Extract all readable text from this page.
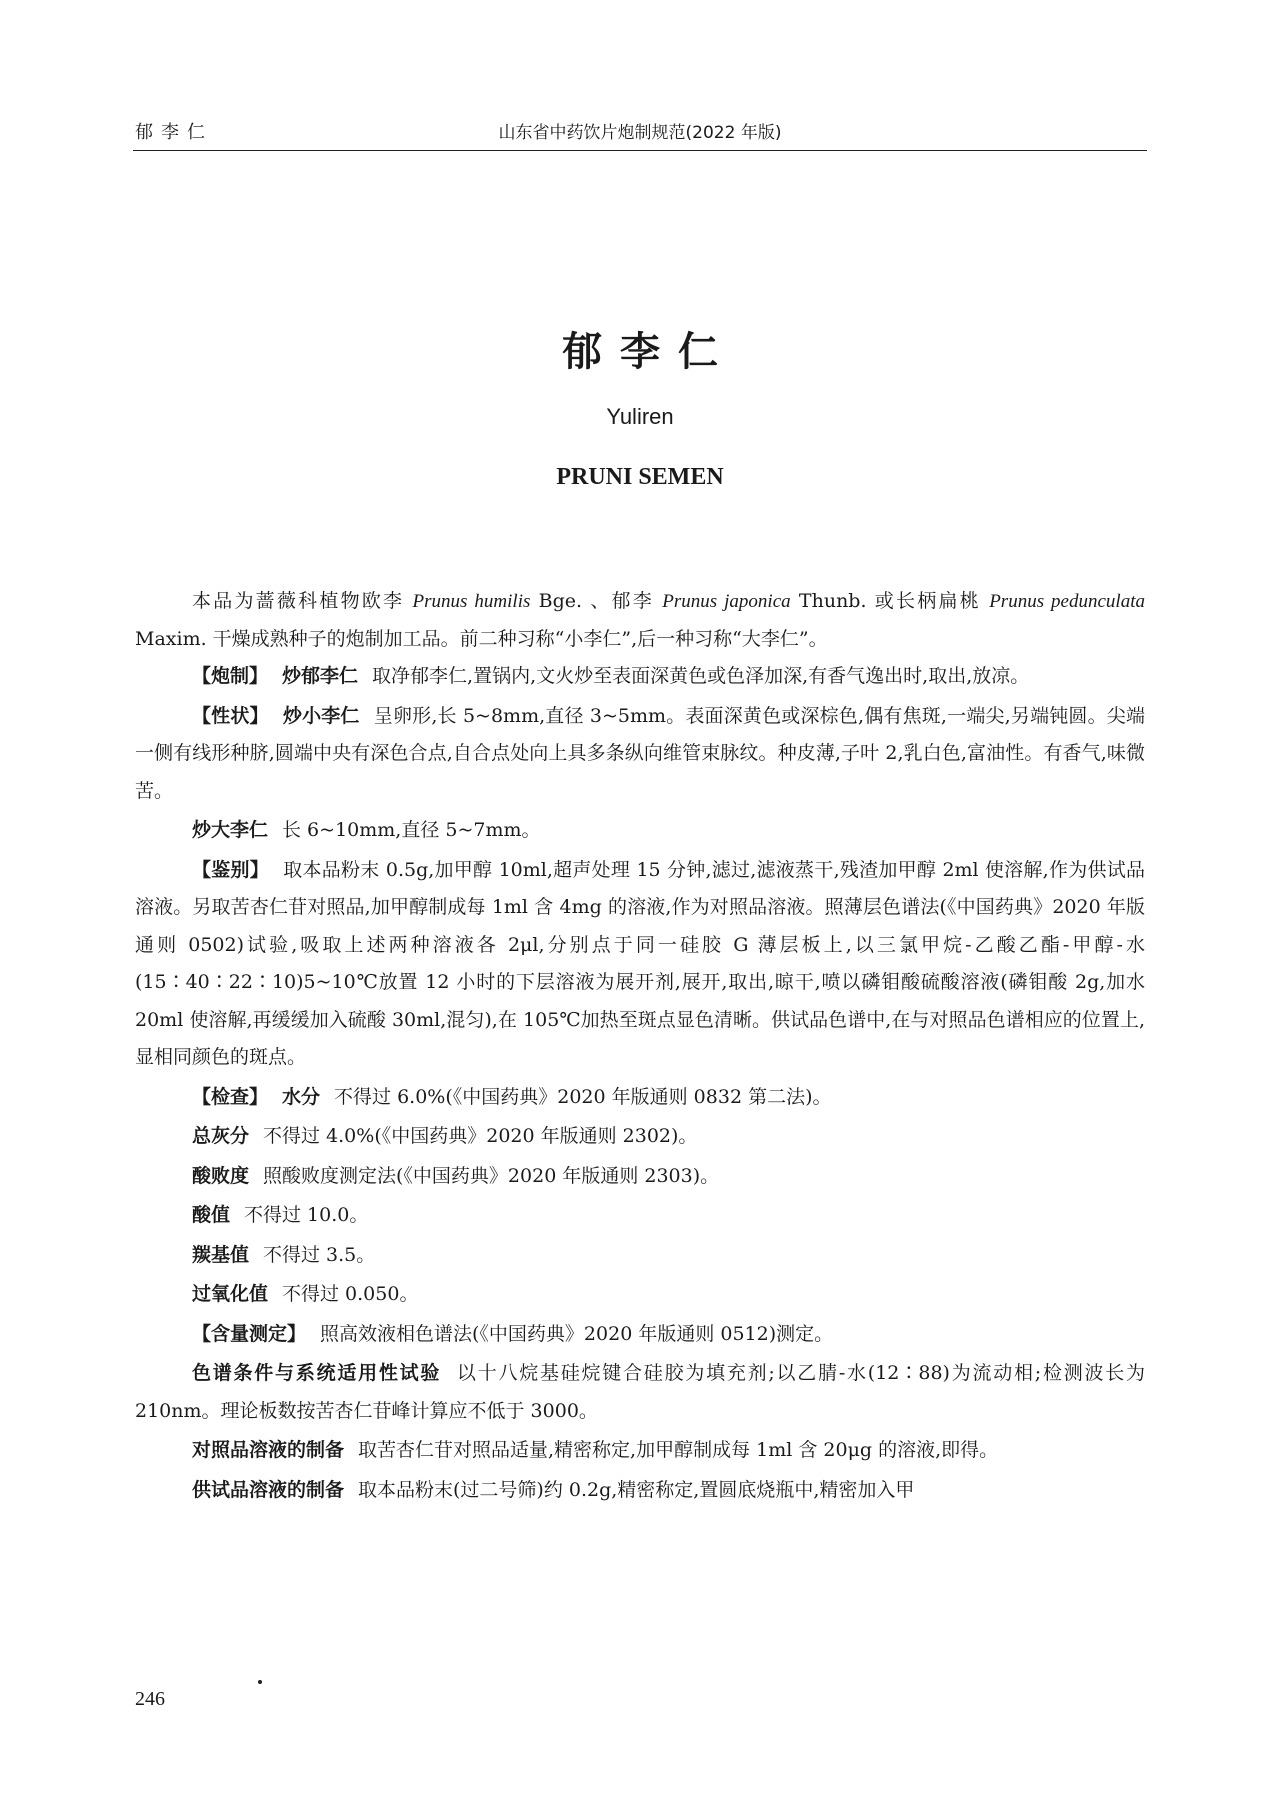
郁李仁	山东省中药饮片炮制规范(2022 年版)
郁李仁
Yuliren
PRUNI SEMEN

本品为蔷薇科植物欧李 Prunus humilis Bge. 、郁李 Prunus japonica Thunb. 或长柄扁桃 Prunus pedunculata Maxim. 干燥成熟种子的炮制加工品。前二种习称“小李仁”,后一种习称“大李仁”。

【炮制】 炒郁李仁 取净郁李仁,置锅内,文火炒至表面深黄色或色泽加深,有香气逸出时,取出,放凉。

【性状】 炒小李仁 呈卵形,长 5~8mm,直径 3~5mm。表面深黄色或深棕色,偶有焦斑,一端尖,另端钝圆。尖端一侧有线形种脐,圆端中央有深色合点,自合点处向上具多条纵向维管束脉纹。种皮薄,子叶 2,乳白色,富油性。有香气,味微苦。

炒大李仁 长 6~10mm,直径 5~7mm。

【鉴别】 取本品粉末 0.5g,加甲醇 10ml,超声处理 15 分钟,滤过,滤液蒸干,残渣加甲醇 2ml 使溶解,作为供试品溶液。另取苦杏仁苷对照品,加甲醇制成每 1ml 含 4mg 的溶液,作为对照品溶液。照薄层色谱法(《中国药典》2020 年版通则 0502)试验,吸取上述两种溶液各 2μl,分别点于同一硅胶 G 薄层板上,以三氯甲烷-乙酸乙酯-甲醇-水(15∶40∶22∶10)5~10℃放置 12 小时的下层溶液为展开剂,展开,取出,晾干,喷以磷钼酸硫酸溶液(磷钼酸 2g,加水 20ml 使溶解,再缓缓加入硫酸 30ml,混匀),在 105℃加热至斑点显色清晰。供试品色谱中,在与对照品色谱相应的位置上,显相同颜色的斑点。

【检查】 水分 不得过 6.0%(《中国药典》2020 年版通则 0832 第二法)。

总灰分 不得过 4.0%(《中国药典》2020 年版通则 2302)。

酸败度 照酸败度测定法(《中国药典》2020 年版通则 2303)。

酸值 不得过 10.0。

羰基值 不得过 3.5。

过氧化值 不得过 0.050。

【含量测定】 照高效液相色谱法(《中国药典》2020 年版通则 0512)测定。

色谱条件与系统适用性试验 以十八烷基硅烷键合硅胶为填充剂;以乙腈-水(12∶88)为流动相;检测波长为 210nm。理论板数按苦杏仁苷峰计算应不低于 3000。

对照品溶液的制备 取苦杏仁苷对照品适量,精密称定,加甲醇制成每 1ml 含 20μg 的溶液,即得。

供试品溶液的制备 取本品粉末(过二号筛)约 0.2g,精密称定,置圆底烧瓶中,精密加入甲

246
